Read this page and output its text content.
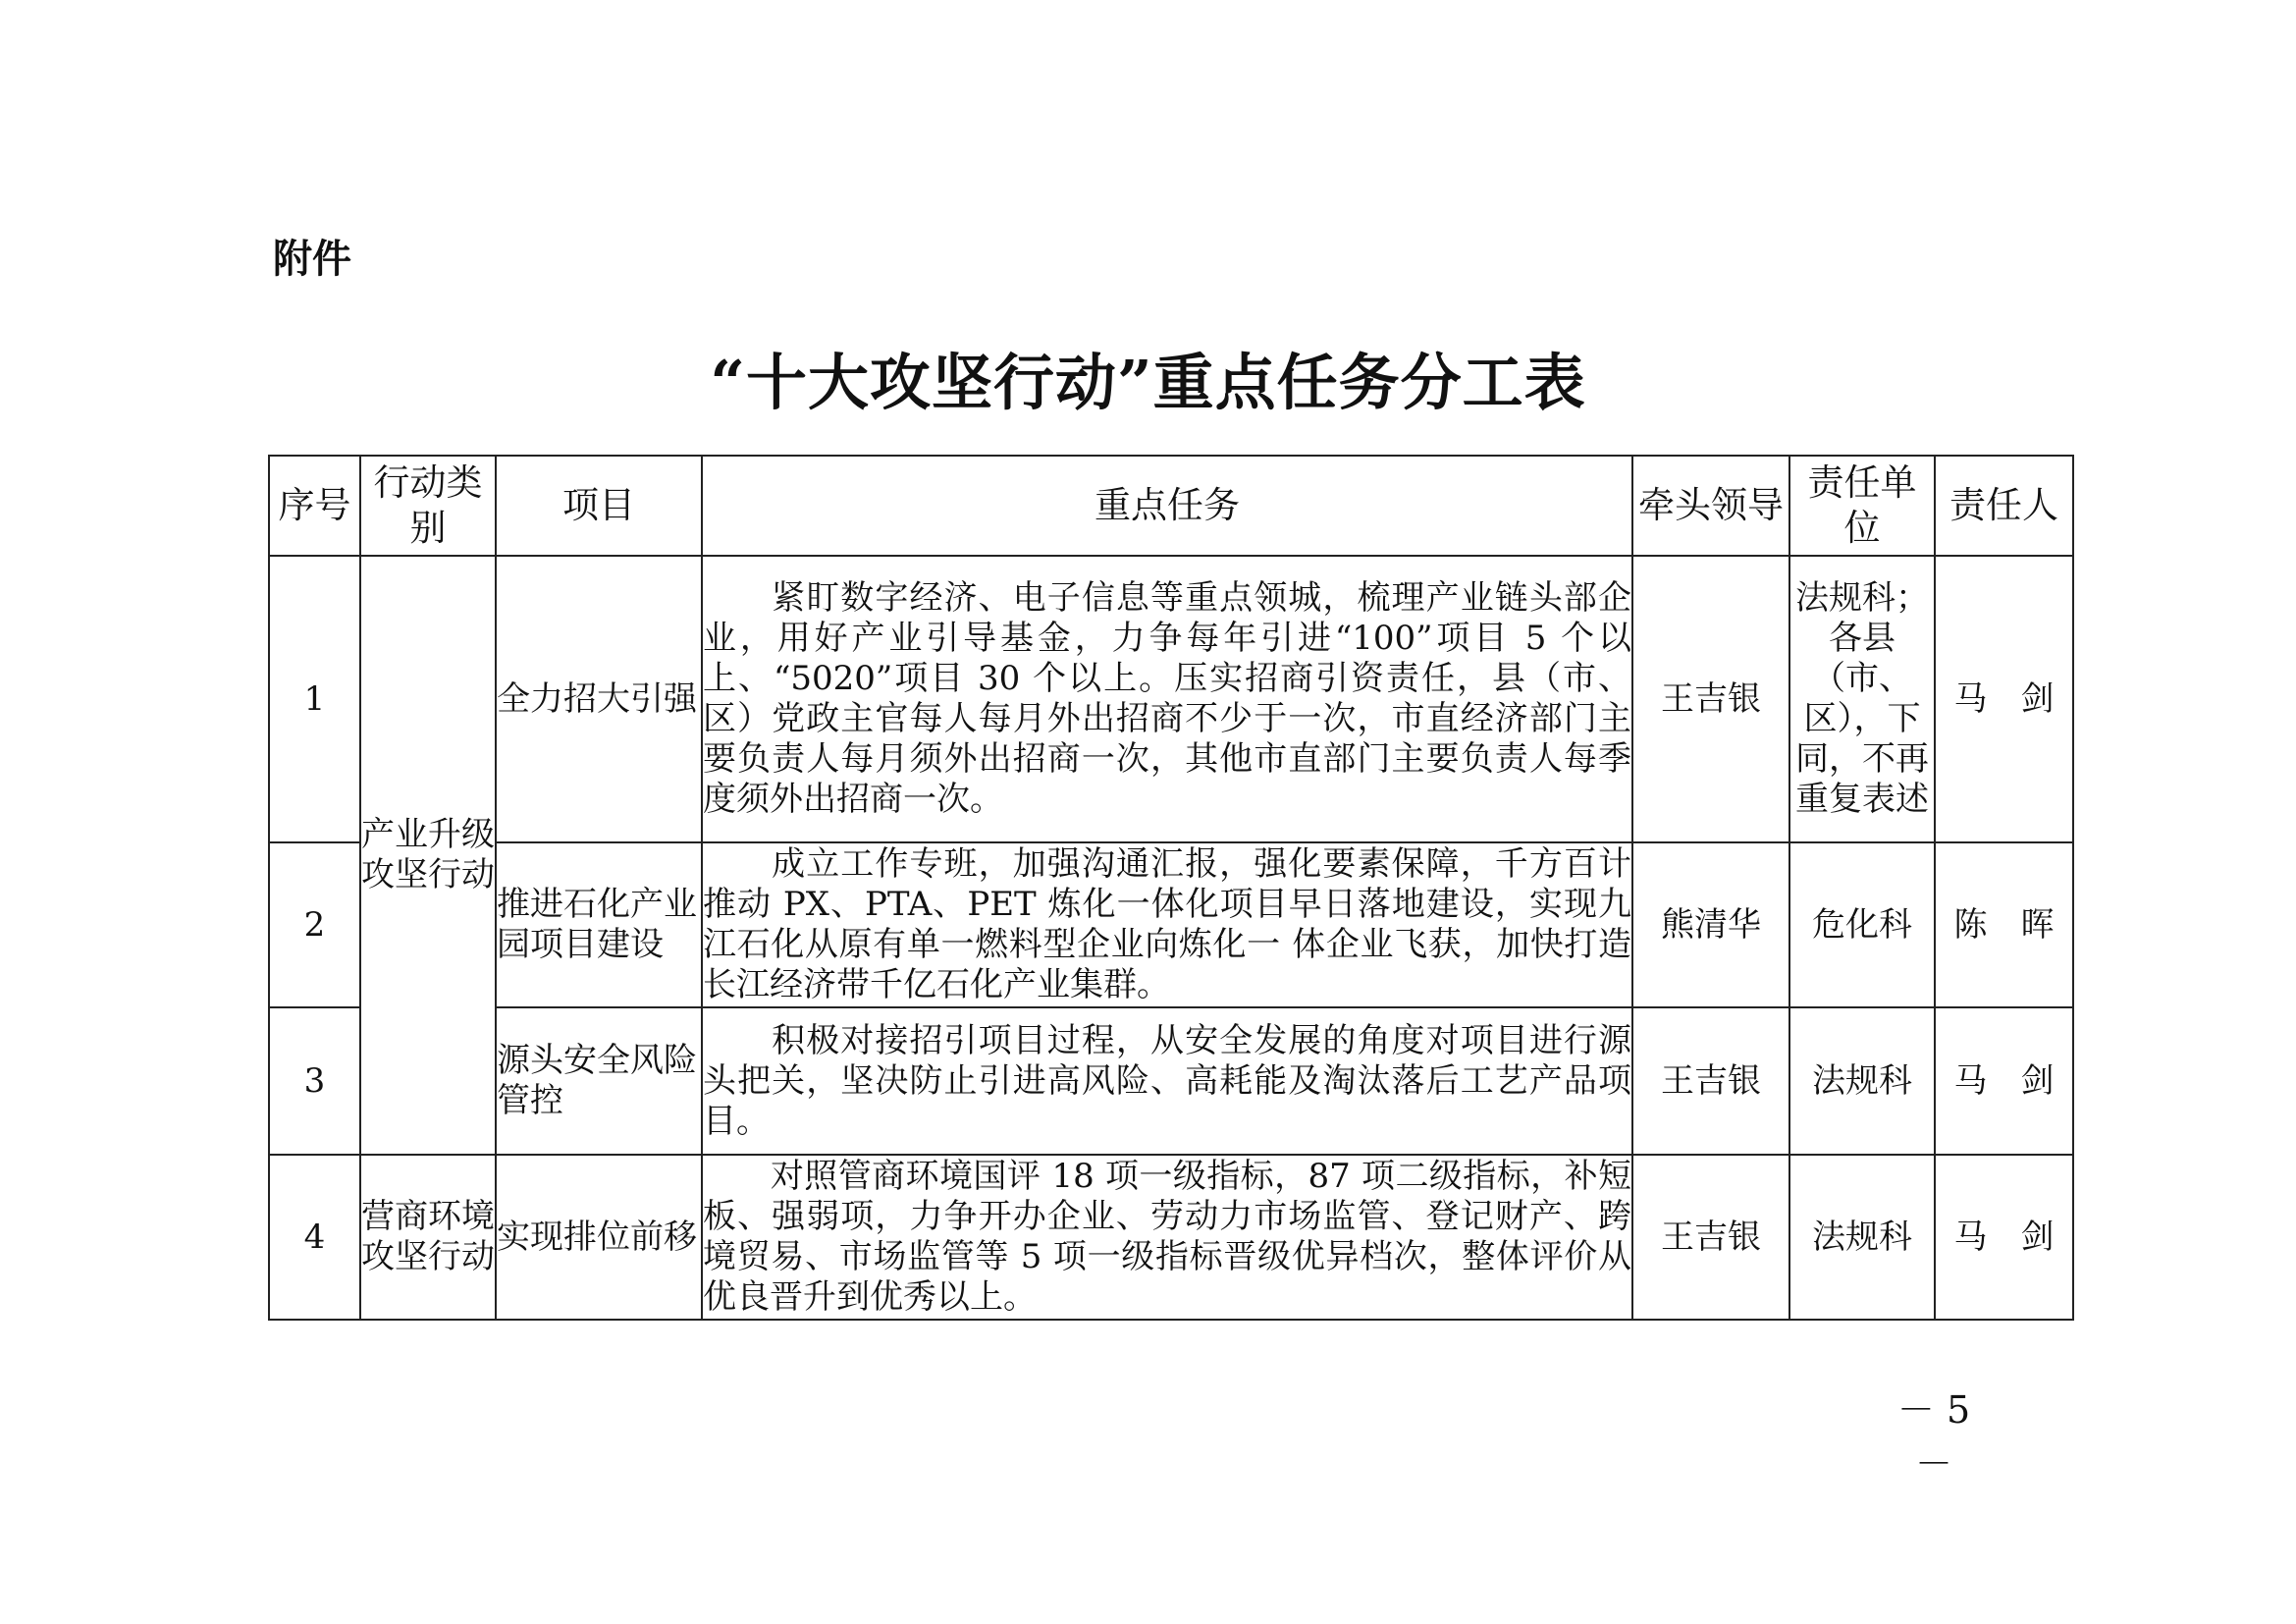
附件
“十大攻坚行动”重点任务分工表
序号	行动类别	项目	重点任务	牵头领导	责任单位	责任人
1	产业升级攻坚行动	全力招大引强	　　紧盯数字经济、电子信息等重点领城，梳理产业链头部企业，用好产业引导基金，力争每年引进“100”项目 5 个以上、“5020”项目 30 个以上。压实招商引资责任，县（市、区）党政主官每人每月外出招商不少于一次，市直经济部门主要负责人每月须外出招商一次，其他市直部门主要负责人每季度须外出招商一次。	王吉银	法规科；各县（市、区），下同，不再重复表述	马　剑
2		推进石化产业园项目建设	　　成立工作专班，加强沟通汇报，强化要素保障，千方百计推动 PX、PTA、PET 炼化一体化项目早日落地建设，实现九江石化从原有单一燃料型企业向炼化一 体企业飞获，加快打造长江经济带千亿石化产业集群。	熊清华	危化科	陈　晖
3		源头安全风险管控	　　积极对接招引项目过程，从安全发展的角度对项目进行源头把关，坚决防止引进高风险、高耗能及淘汰落后工艺产品项目。	王吉银	法规科	马　剑
4	营商环境攻坚行动	实现排位前移	　　对照管商环境国评 18 项一级指标，87 项二级指标，补短板、强弱项，力争开办企业、劳动力市场监管、登记财产、跨境贸易、市场监管等 5 项一级指标晋级优异档次，整体评价从优良晋升到优秀以上。	王吉银	法规科	马　剑
－ 5 －
